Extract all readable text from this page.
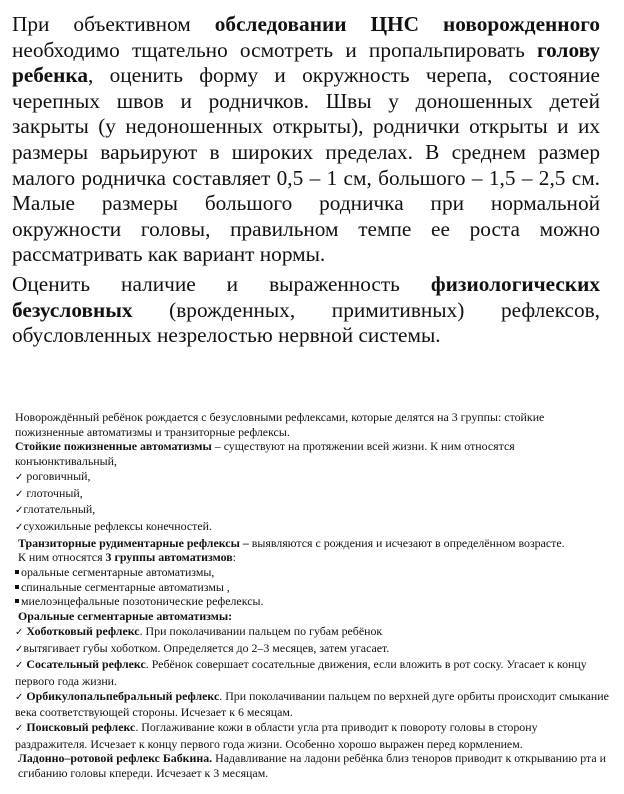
При объективном обследовании ЦНС новорожденного необходимо тщательно осмотреть и пропальпировать голову ребенка, оценить форму и окружность черепа, состояние черепных швов и родничков. Швы у доношенных детей закрыты (у недоношенных открыты), роднички открыты и их размеры варьируют в широких пределах. В среднем размер малого родничка составляет 0,5 – 1 см, большого – 1,5 – 2,5 см. Малые размеры большого родничка при нормальной окружности головы, правильном темпе ее роста можно рассматривать как вариант нормы.

Оценить наличие и выраженность физиологических безусловных (врожденных, примитивных) рефлексов, обусловленных незрелостью нервной системы.

Новорождённый ребёнок рождается с безусловными рефлексами, которые делятся на 3 группы: стойкие пожизненные автоматизмы и транзиторные рефлексы.
Стойкие пожизненные автоматизмы – существуют на протяжении всей жизни. К ним относятся конъюнктивальный,
✓ роговичный,
✓ глоточный,
✓глотательный,
✓сухожильные рефлексы конечностей.
Транзиторные рудиментарные рефлексы – выявляются с рождения и исчезают в определённом возрасте.
К ним относятся 3 группы автоматизмов:
оральные сегментарные автоматизмы,
спинальные сегментарные автоматизмы ,
миелоэнцефальные позотонические рефелексы.
Оральные сегментарные автоматизмы:
✓ Хоботковый рефлекс. При поколачивании пальцем по губам ребёнок
✓вытягивает губы хоботком. Определяется до 2–3 месяцев, затем угасает.
✓ Сосательный рефлекс. Ребёнок совершает сосательные движения, если вложить в рот соску. Угасает к концу первого года жизни.
✓ Орбикулопальпебральный рефлекс. При поколачивании пальцем по верхней дуге орбиты происходит смыкание века соответствующей стороны. Исчезает к 6 месяцам.
✓ Поисковый рефлекс. Поглаживание кожи в области угла рта приводит к повороту головы в сторону раздражителя. Исчезает к концу первого года жизни. Особенно хорошо выражен перед кормлением.
Ладонно–ротовой рефлекс Бабкина. Надавливание на ладони ребёнка близ теноров приводит к открыванию рта и сгибанию головы кпереди. Исчезает к 3 месяцам.
